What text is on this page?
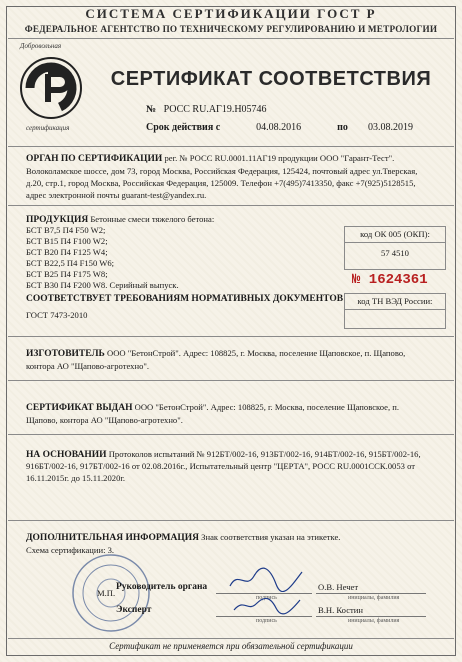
СИСТЕМА СЕРТИФИКАЦИИ ГОСТ Р
ФЕДЕРАЛЬНОЕ АГЕНТСТВО ПО ТЕХНИЧЕСКОМУ РЕГУЛИРОВАНИЮ И МЕТРОЛОГИИ
Добровольная
сертификация
СЕРТИФИКАТ СООТВЕТСТВИЯ
№ РОСС RU.АГ19.Н05746
Срок действия с	04.08.2016	по 03.08.2019
ОРГАН ПО СЕРТИФИКАЦИИ рег. № РОСС RU.0001.11АГ19 продукции ООО "Гарант-Тест".
Волоколамское шоссе, дом 73, город Москва, Российская Федерация, 125424, почтовый адрес ул.Тверская,
д.20, стр.1, город Москва, Российская Федерация, 125009. Телефон +7(495)7413350, факс +7(925)5128515,
адрес электронной почты guarant-test@yandex.ru.
ПРОДУКЦИЯ Бетонные смеси тяжелого бетона:
БСТ В7,5 П4 F50 W2;
БСТ В15 П4 F100 W2;
БСТ В20 П4 F125 W4;
БСТ В22,5 П4 F150 W6;
БСТ В25 П4 F175 W8;
БСТ В30 П4 F200 W8. Серийный выпуск.
код ОК 005 (ОКП):
57 4510
СООТВЕТСТВУЕТ ТРЕБОВАНИЯМ НОРМАТИВНЫХ ДОКУМЕНТОВ
ГОСТ 7473-2010
код ТН ВЭД России:
№ 1624361
ИЗГОТОВИТЕЛЬ ООО "БетонСтрой". Адрес: 108825, г. Москва, поселение Щаповское, п. Щапово,
контора АО "Щапово-агротехно".
СЕРТИФИКАТ ВЫДАН ООО "БетонСтрой". Адрес: 108825, г. Москва, поселение Щаповское, п.
Щапово, контора АО "Щапово-агротехно".
НА ОСНОВАНИИ Протоколов испытаний № 912БТ/002-16, 913БТ/002-16, 914БТ/002-16, 915БТ/002-16,
916БТ/002-16, 917БТ/002-16 от 02.08.2016г., Испытательный центр "ЦЕРТА", РОСС RU.0001СCК.0053 от
16.11.2015г. до 15.11.2020г.
ДОПОЛНИТЕЛЬНАЯ ИНФОРМАЦИЯ Знак соответствия указан на этикетке.
Схема сертификации: 3.
М.П.
Руководитель органа
подпись
О.В. Нечет
инициалы, фамилия
Эксперт
подпись
В.Н. Костин
инициалы, фамилия
Сертификат не применяется при обязательной сертификации
